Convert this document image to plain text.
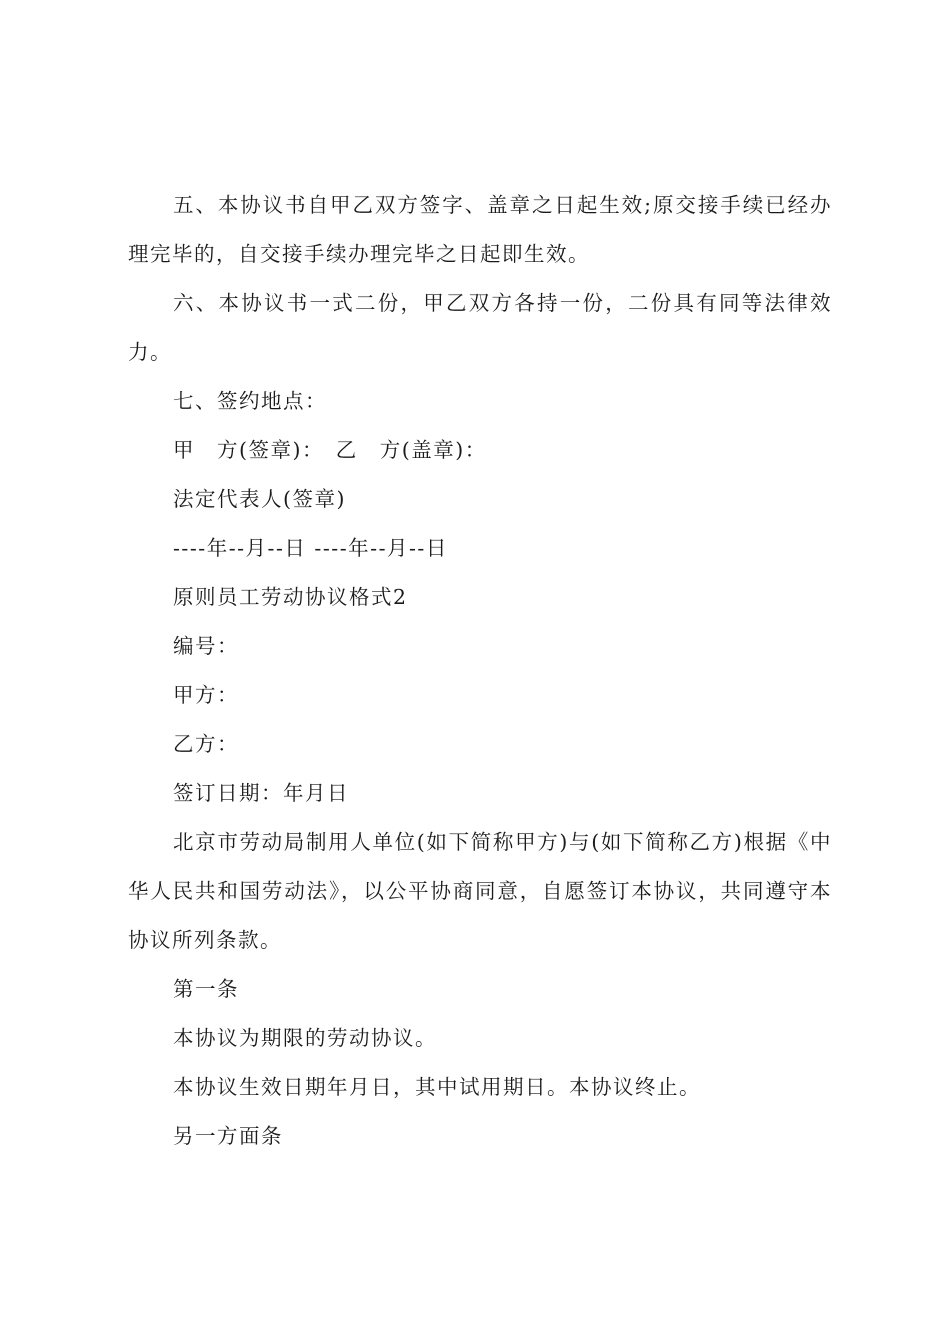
五、本协议书自甲乙双方签字、盖章之日起生效;原交接手续已经办理完毕的，自交接手续办理完毕之日起即生效。

六、本协议书一式二份，甲乙双方各持一份，二份具有同等法律效力。

七、签约地点：

甲　方(签章)：　乙　方(盖章)：

法定代表人(签章)

----年--月--日 ----年--月--日

原则员工劳动协议格式2

编号：

甲方：

乙方：

签订日期：年月日

北京市劳动局制用人单位(如下简称甲方)与(如下简称乙方)根据《中华人民共和国劳动法》，以公平协商同意，自愿签订本协议，共同遵守本协议所列条款。

第一条

本协议为期限的劳动协议。

本协议生效日期年月日，其中试用期日。本协议终止。

另一方面条
